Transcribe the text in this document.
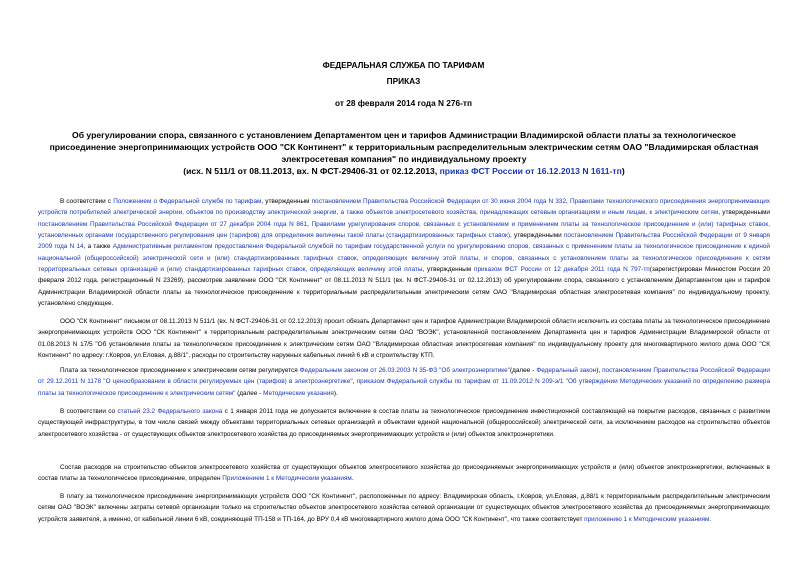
ФЕДЕРАЛЬНАЯ СЛУЖБА ПО ТАРИФАМ

ПРИКАЗ

от 28 февраля 2014 года N 276-тп

Об урегулировании спора, связанного с установлением Департаментом цен и тарифов Администрации Владимирской области платы за технологическое присоединение энергопринимающих устройств ООО "СК Континент" к территориальным распределительным электрическим сетям ОАО "Владимирская областная электросетевая компания" по индивидуальному проекту
(исх. N 511/1 от 08.11.2013, вх. N ФСТ-29406-31 от 02.12.2013, приказ ФСТ России от 16.12.2013 N 1611-тп)
В соответствии с Положением о Федеральной службе по тарифам, утвержденным постановлением Правительства Российской Федерации от 30 июня 2004 года N 332, Правилами технологического присоединения энергопринимающих устройств потребителей электрической энергии, объектов по производству электрической энергии, а также объектов электросетевого хозяйства, принадлежащих сетевым организациям и иным лицам, к электрическим сетям, утвержденными постановлением Правительства Российской Федерации от 27 декабря 2004 года N 861, Правилами урегулирования споров, связанных с установлением и применением платы за технологическое присоединение и (или) тарифных ставок, установленных органами государственного регулирования цен (тарифов) для определения величины такой платы (стандартизированных тарифных ставок), утвержденными постановлением Правительства Российской Федерации от 9 января 2009 года N 14, а также Административным регламентом предоставления Федеральной службой по тарифам государственной услуги по урегулированию споров, связанных с применением платы за технологическое присоединение к единой национальной (общероссийской) электрической сети и (или) стандартизированных тарифных ставок, определяющих величину этой платы, и споров, связанных с установлением платы за технологическое присоединение к сетям территориальных сетевых организаций и (или) стандартизированных тарифных ставок, определяющих величину этой платы, утвержденным приказом ФСТ России от 12 декабря 2011 года N 797-тп(зарегистрирован Минюстом России 20 февраля 2012 года, регистрационный N 23269), рассмотрев заявление ООО "СК Континент" от 08.11.2013 N 511/1 (вх. N ФСТ-29406-31 от 02.12.2013) об урегулировании спора, связанного с установлением Департаментом цен и тарифов Администрации Владимирской области платы за технологическое присоединение к территориальным распределительным электрическим сетям ОАО "Владимирская областная электросетевая компания" по индивидуальному проекту, установлено следующее.
ООО "СК Континент" письмом от 08.11.2013 N 511/1 (вх. N ФСТ-29406-31 от 02.12.2013) просит обязать Департамент цен и тарифов Администрации Владимирской области исключить из состава платы за технологическое присоединение энергопринимающих устройств ООО "СК Континент" к территориальным распределительным электрическим сетям ОАО "ВОЭК", установленной постановлением Департамента цен и тарифов Администрации Владимирской области от 01.08.2013 N 17/5 "Об установлении платы за технологическое присоединение к электрическим сетям ОАО "Владимирская областная электросетевая компания" по индивидуальному проекту для многоквартирного жилого дома ООО "СК Континент" по адресу: г.Ковров, ул.Еловая, д.88/1", расходы по строительству наружных кабельных линий 6 кВ и строительству КТП.
Плата за технологическое присоединение к электрическим сетям регулируется Федеральным законом от 26.03.2003 N 35-ФЗ "Об электроэнергетике"(далее - Федеральный закон), постановлением Правительства Российской Федерации от 29.12.2011 N 1178 "О ценообразовании в области регулируемых цен (тарифов) в электроэнергетике", приказом Федеральной службы по тарифам от 11.09.2012 N 209-э/1 "Об утверждении Методических указаний по определению размера платы за технологическое присоединение к электрическим сетям" (далее - Методические указания).
В соответствии со статьей 23.2 Федерального закона с 1 января 2011 года не допускается включение в состав платы за технологическое присоединение инвестиционной составляющей на покрытие расходов, связанных с развитием существующей инфраструктуры, в том числе связей между объектами территориальных сетевых организаций и объектами единой национальной (общероссийской) электрической сети, за исключением расходов на строительство объектов электросетевого хозяйства - от существующих объектов электросетевого хозяйства до присоединяемых энергопринимающих устройств и (или) объектов электроэнергетики.
Состав расходов на строительство объектов электросетевого хозяйства от существующих объектов электросетевого хозяйства до присоединяемых энергопринимающих устройств и (или) объектов электроэнергетики, включаемых в состав платы за технологическое присоединение, определен Приложением 1 к Методическим указаниям.
В плату за технологическое присоединение энергопринимающих устройств ООО "СК Континент", расположенных по адресу: Владимирская область, г.Ковров, ул.Еловая, д.88/1 к территориальным распределительным электрическим сетям ОАО "ВОЭК" включены затраты сетевой организации только на строительство объектов электросетевого хозяйства сетевой организации от существующих объектов электросетевого хозяйства до присоединяемых энергопринимающих устройств заявителя, а именно, от кабельной линии 6 кВ, соединяющей ТП-158 и ТП-164, до ВРУ 0,4 кВ многоквартирного жилого дома ООО "СК Континент", что также соответствует приложению 1 к Методическим указаниям.
